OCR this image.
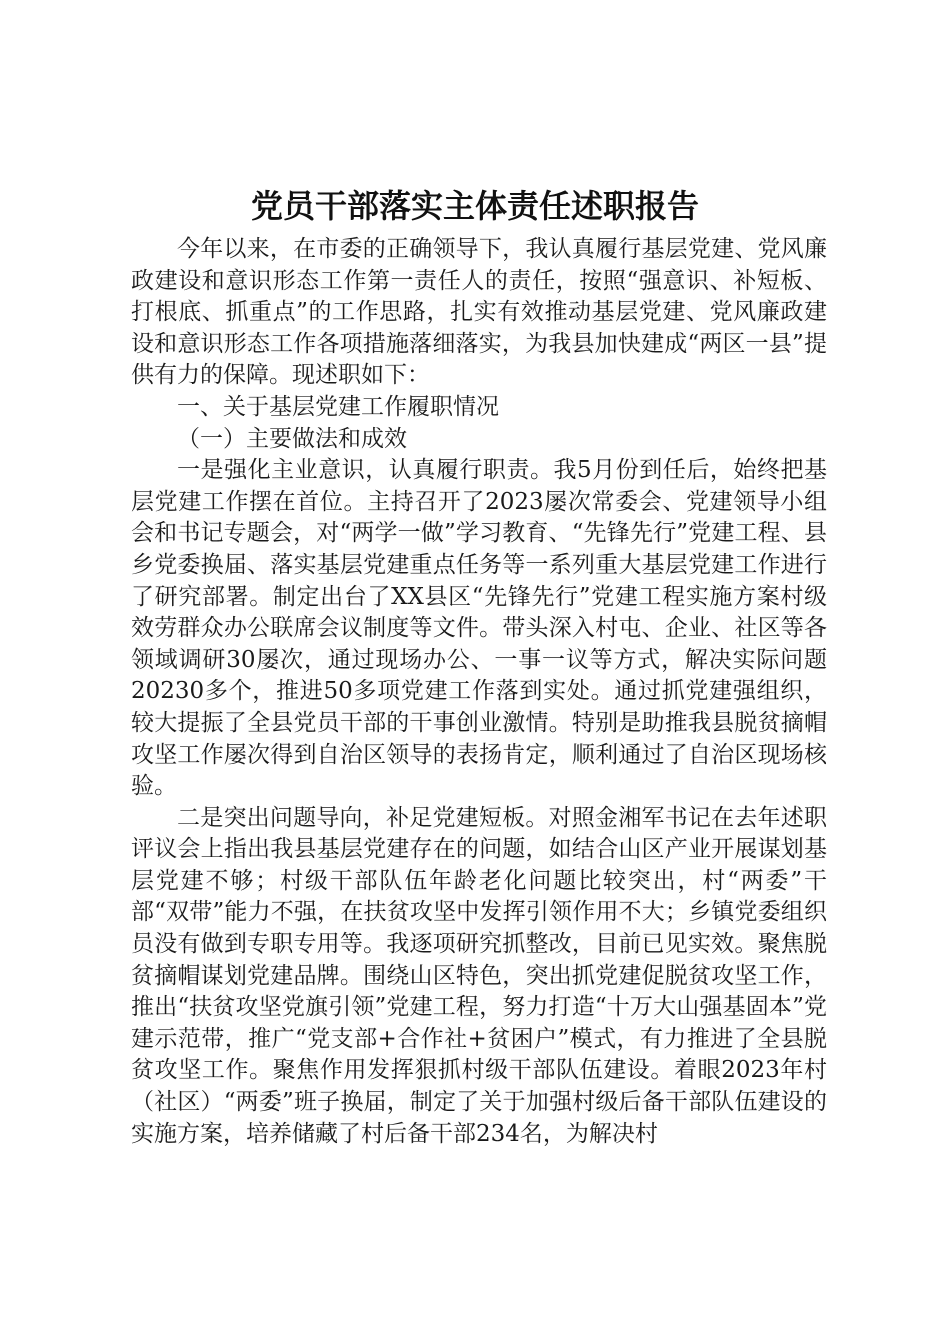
党员干部落实主体责任述职报告

今年以来，在市委的正确领导下，我认真履行基层党建、党风廉政建设和意识形态工作第一责任人的责任，按照“强意识、补短板、打根底、抓重点”的工作思路，扎实有效推动基层党建、党风廉政建设和意识形态工作各项措施落细落实，为我县加快建成“两区一县”提供有力的保障。现述职如下：

一、关于基层党建工作履职情况

（一）主要做法和成效

一是强化主业意识，认真履行职责。我5月份到任后，始终把基层党建工作摆在首位。主持召开了2023屡次常委会、党建领导小组会和书记专题会，对“两学一做”学习教育、“先锋先行”党建工程、县乡党委换届、落实基层党建重点任务等一系列重大基层党建工作进行了研究部署。制定出台了XX县区“先锋先行”党建工程实施方案村级效劳群众办公联席会议制度等文件。带头深入村屯、企业、社区等各领域调研30屡次，通过现场办公、一事一议等方式，解决实际问题20230多个，推进50多项党建工作落到实处。通过抓党建强组织，较大提振了全县党员干部的干事创业激情。特别是助推我县脱贫摘帽攻坚工作屡次得到自治区领导的表扬肯定，顺利通过了自治区现场核验。

二是突出问题导向，补足党建短板。对照金湘军书记在去年述职评议会上指出我县基层党建存在的问题，如结合山区产业开展谋划基层党建不够；村级干部队伍年龄老化问题比较突出，村“两委”干部“双带”能力不强，在扶贫攻坚中发挥引领作用不大；乡镇党委组织员没有做到专职专用等。我逐项研究抓整改，目前已见实效。聚焦脱贫摘帽谋划党建品牌。围绕山区特色，突出抓党建促脱贫攻坚工作，推出“扶贫攻坚党旗引领”党建工程，努力打造“十万大山强基固本”党建示范带，推广“党支部+合作社+贫困户”模式，有力推进了全县脱贫攻坚工作。聚焦作用发挥狠抓村级干部队伍建设。着眼2023年村（社区）“两委”班子换届，制定了关于加强村级后备干部队伍建设的实施方案，培养储藏了村后备干部234名，为解决村
